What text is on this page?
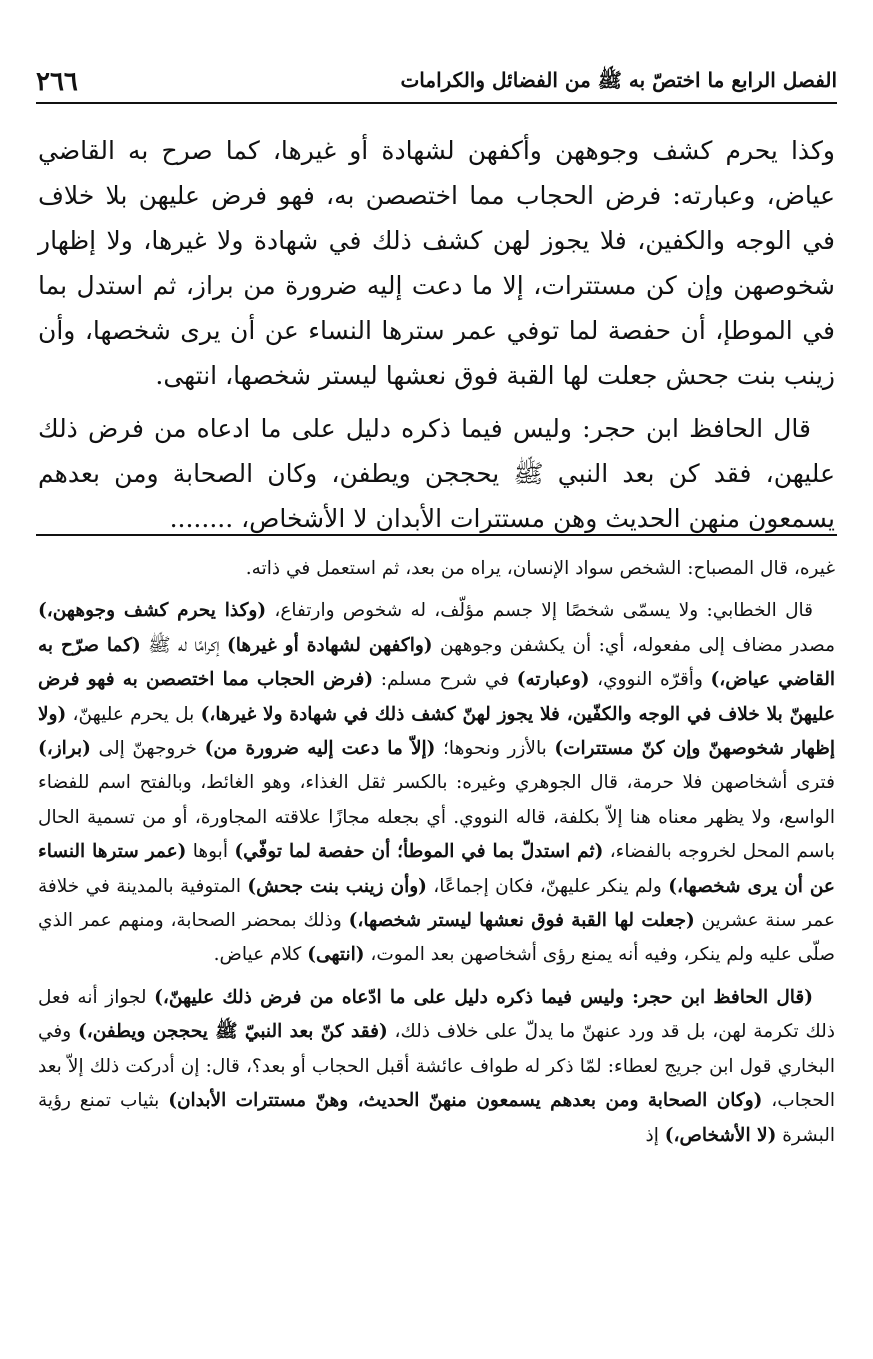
الفصل الرابع ما اختصّ به ﷺ من الفضائل والكرامات
٢٦٦

وكذا يحرم كشف وجوههن وأكفهن لشهادة أو غيرها، كما صرح به القاضي عياض، وعبارته: فرض الحجاب مما اختصصن به، فهو فرض عليهن بلا خلاف في الوجه والكفين، فلا يجوز لهن كشف ذلك في شهادة ولا غيرها، ولا إظهار شخوصهن وإن كن مستترات، إلا ما دعت إليه ضرورة من براز، ثم استدل بما في الموطإ، أن حفصة لما توفي عمر سترها النساء عن أن يرى شخصها، وأن زينب بنت جحش جعلت لها القبة فوق نعشها ليستر شخصها، انتهى.

قال الحافظ ابن حجر: وليس فيما ذكره دليل على ما ادعاه من فرض ذلك عليهن، فقد كن بعد النبي ﷺ يحججن ويطفن، وكان الصحابة ومن بعدهم يسمعون منهن الحديث وهن مستترات الأبدان لا الأشخاص، ........

غيره، قال المصباح: الشخص سواد الإنسان، يراه من بعد، ثم استعمل في ذاته.

قال الخطابي: ولا يسمّى شخصًا إلا جسم مؤلّف، له شخوص وارتفاع، (وكذا يحرم كشف وجوههن،) مصدر مضاف إلى مفعوله، أي: أن يكشفن وجوههن (واكفهن لشهادة أو غيرها) إكرامًا له ﷺ (كما صرّح به القاضي عياض،) وأقرّه النووي، (وعبارته) في شرح مسلم: (فرض الحجاب مما اختصصن به فهو فرض عليهنّ بلا خلاف في الوجه والكفّين، فلا يجوز لهنّ كشف ذلك في شهادة ولا غيرها،) بل يحرم عليهنّ، (ولا إظهار شخوصهنّ وإن كنّ مستترات) بالأزر ونحوها؛ (إلاّ ما دعت إليه ضرورة من) خروجهنّ إلى (براز،) فترى أشخاصهن فلا حرمة، قال الجوهري وغيره: بالكسر ثقل الغذاء، وهو الغائط، وبالفتح اسم للفضاء الواسع، ولا يظهر معناه هنا إلاّ بكلفة، قاله النووي. أي بجعله مجازًا علاقته المجاورة، أو من تسمية الحال باسم المحل لخروجه بالفضاء، (ثم استدلّ بما في الموطأ؛ أن حفصة لما توفّي) أبوها (عمر سترها النساء عن أن يرى شخصها،) ولم ينكر عليهنّ، فكان إجماعًا، (وأن زينب بنت جحش) المتوفية بالمدينة في خلافة عمر سنة عشرين (جعلت لها القبة فوق نعشها ليستر شخصها،) وذلك بمحضر الصحابة، ومنهم عمر الذي صلّى عليه ولم ينكر، وفيه أنه يمنع رؤى أشخاصهن بعد الموت، (انتهى) كلام عياض.

(قال الحافظ ابن حجر: وليس فيما ذكره دليل على ما ادّعاه من فرض ذلك عليهنّ،) لجواز أنه فعل ذلك تكرمة لهن، بل قد ورد عنهنّ ما يدلّ على خلاف ذلك، (فقد كنّ بعد النبيّ ﷺ يحججن ويطفن،) وفي البخاري قول ابن جريج لعطاء: لمّا ذكر له طواف عائشة أقبل الحجاب أو بعد؟، قال: إن أدركت ذلك إلاّ بعد الحجاب، (وكان الصحابة ومن بعدهم يسمعون منهنّ الحديث، وهنّ مستترات الأبدان) بثياب تمنع رؤية البشرة (لا الأشخاص،) إذ
